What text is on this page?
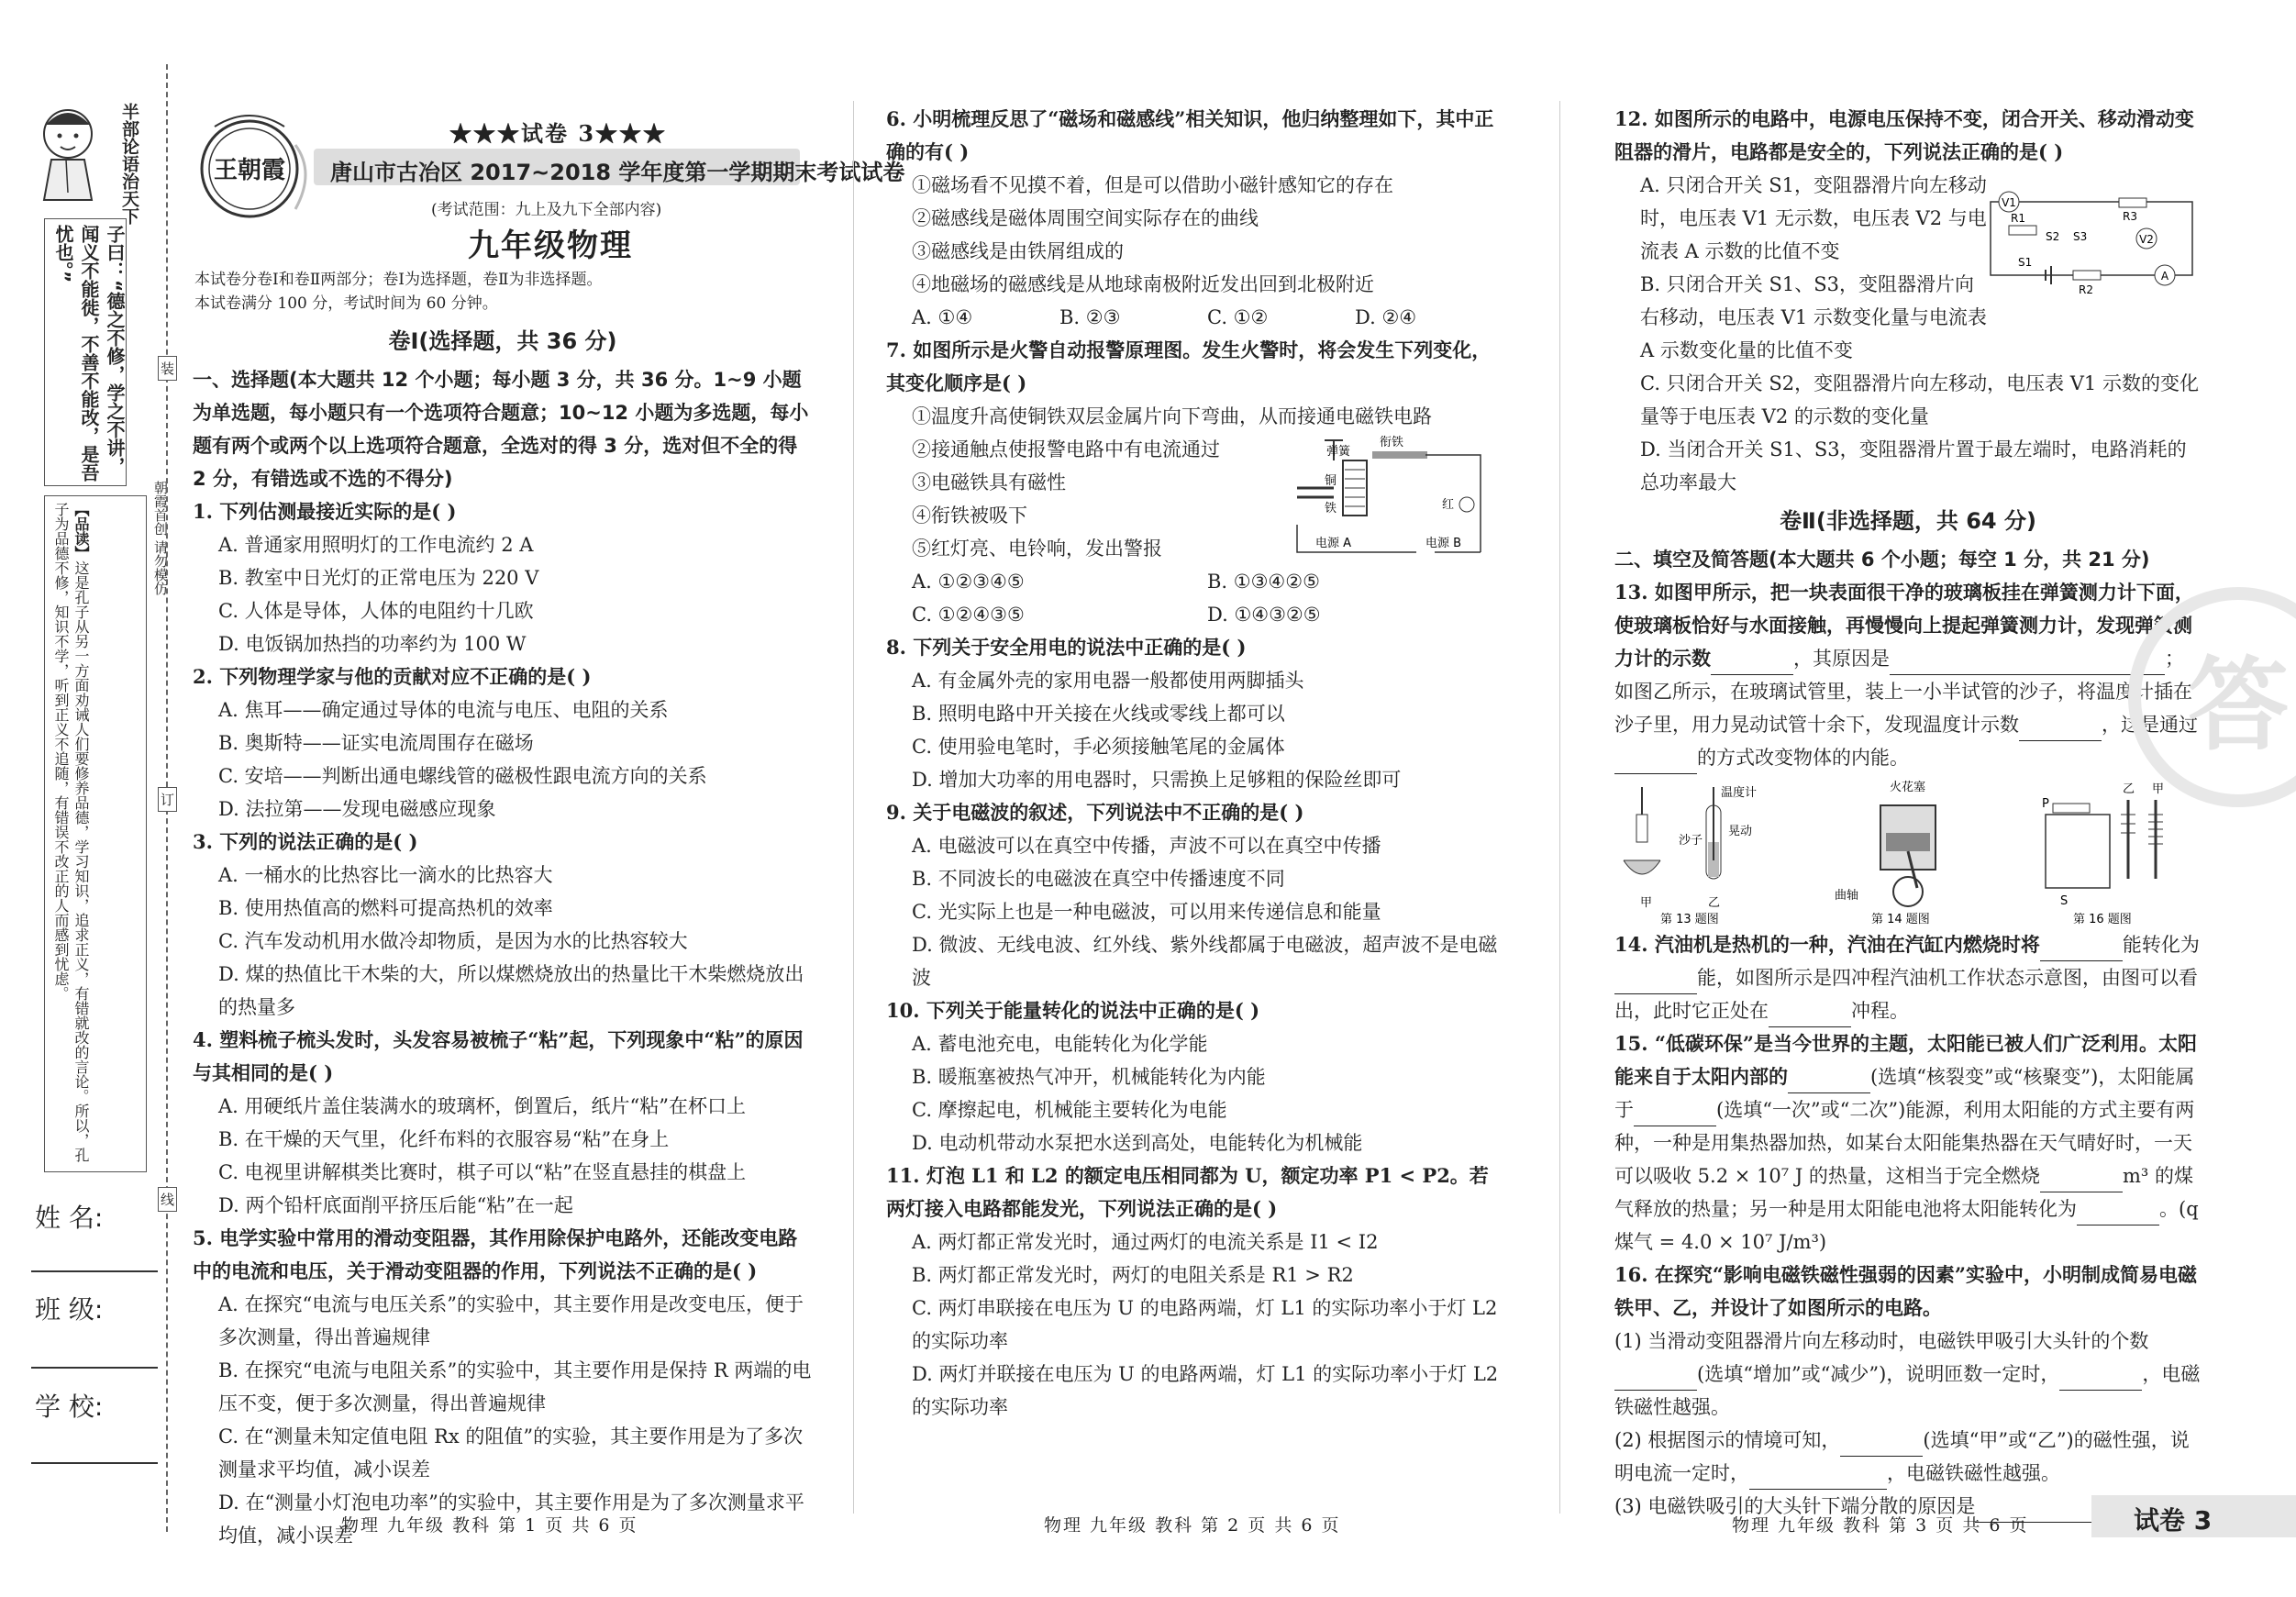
半部论语治天下
子曰：“德之不修，学之不讲，闻义不能徙，不善不能改，是吾忧也。”
【品读】这是孔子从另一方面劝诫人们要修养品德，学习知识，追求正义，有错就改的言论。所以，孔子为品德不修，知识不学，听到正义不追随，有错误不改正的人而感到忧虑。	朝霞首创 请勿模仿
装
订
线
姓 名:
班 级:
学 校:
王朝霞
★★★试卷 3★★★
唐山市古冶区 2017~2018 学年度第一学期期末考试试卷
(考试范围：九上及九下全部内容)
九年级物理
本试卷分卷Ⅰ和卷Ⅱ两部分；卷Ⅰ为选择题，卷Ⅱ为非选择题。
本试卷满分 100 分，考试时间为 60 分钟。
卷Ⅰ(选择题，共 36 分)
一、选择题(本大题共 12 个小题；每小题 3 分，共 36 分。1~9 小题为单选题，每小题只有一个选项符合题意；10~12 小题为多选题，每小题有两个或两个以上选项符合题意，全选对的得 3 分，选对但不全的得 2 分，有错选或不选的不得分)
1. 下列估测最接近实际的是( )
A. 普通家用照明灯的工作电流约 2 A
B. 教室中日光灯的正常电压为 220 V
C. 人体是导体，人体的电阻约十几欧
D. 电饭锅加热挡的功率约为 100 W
2. 下列物理学家与他的贡献对应不正确的是( )
A. 焦耳——确定通过导体的电流与电压、电阻的关系
B. 奥斯特——证实电流周围存在磁场
C. 安培——判断出通电螺线管的磁极性跟电流方向的关系
D. 法拉第——发现电磁感应现象
3. 下列的说法正确的是( )
A. 一桶水的比热容比一滴水的比热容大
B. 使用热值高的燃料可提高热机的效率
C. 汽车发动机用水做冷却物质，是因为水的比热容较大
D. 煤的热值比干木柴的大，所以煤燃烧放出的热量比干木柴燃烧放出的热量多
4. 塑料梳子梳头发时，头发容易被梳子“粘”起，下列现象中“粘”的原因与其相同的是( )
A. 用硬纸片盖住装满水的玻璃杯，倒置后，纸片“粘”在杯口上
B. 在干燥的天气里，化纤布料的衣服容易“粘”在身上
C. 电视里讲解棋类比赛时，棋子可以“粘”在竖直悬挂的棋盘上
D. 两个铅杆底面削平挤压后能“粘”在一起
5. 电学实验中常用的滑动变阻器，其作用除保护电路外，还能改变电路中的电流和电压，关于滑动变阻器的作用，下列说法不正确的是( )
A. 在探究“电流与电压关系”的实验中，其主要作用是改变电压，便于多次测量，得出普遍规律
B. 在探究“电流与电阻关系”的实验中，其主要作用是保持 R 两端的电压不变，便于多次测量，得出普遍规律
C. 在“测量未知定值电阻 Rx 的阻值”的实验，其主要作用是为了多次测量求平均值，减小误差
D. 在“测量小灯泡电功率”的实验中，其主要作用是为了多次测量求平均值，减小误差
6. 小明梳理反思了“磁场和磁感线”相关知识，他归纳整理如下，其中正确的有( )
①磁场看不见摸不着，但是可以借助小磁针感知它的存在
②磁感线是磁体周围空间实际存在的曲线
③磁感线是由铁屑组成的
④地磁场的磁感线是从地球南极附近发出回到北极附近
A. ①④	B. ②③	C. ①②	D. ②④
7. 如图所示是火警自动报警原理图。发生火警时，将会发生下列变化，其变化顺序是( )
①温度升高使铜铁双层金属片向下弯曲，从而接通电磁铁电路
②接通触点使报警电路中有电流通过
③电磁铁具有磁性
④衔铁被吸下
⑤红灯亮、电铃响，发出警报
弹簧
铜
铁
衔铁
红
电源 A	电源 B
A. ①②③④⑤	B. ①③④②⑤
C. ①②④③⑤	D. ①④③②⑤
8. 下列关于安全用电的说法中正确的是( )
A. 有金属外壳的家用电器一般都使用两脚插头
B. 照明电路中开关接在火线或零线上都可以
C. 使用验电笔时，手必须接触笔尾的金属体
D. 增加大功率的用电器时，只需换上足够粗的保险丝即可
9. 关于电磁波的叙述，下列说法中不正确的是( )
A. 电磁波可以在真空中传播，声波不可以在真空中传播
B. 不同波长的电磁波在真空中传播速度不同
C. 光实际上也是一种电磁波，可以用来传递信息和能量
D. 微波、无线电波、红外线、紫外线都属于电磁波，超声波不是电磁波
10. 下列关于能量转化的说法中正确的是( )
A. 蓄电池充电，电能转化为化学能
B. 暖瓶塞被热气冲开，机械能转化为内能
C. 摩擦起电，机械能主要转化为电能
D. 电动机带动水泵把水送到高处，电能转化为机械能
11. 灯泡 L1 和 L2 的额定电压相同都为 U，额定功率 P1 < P2。若两灯接入电路都能发光，下列说法正确的是( )
A. 两灯都正常发光时，通过两灯的电流关系是 I1 < I2
B. 两灯都正常发光时，两灯的电阻关系是 R1 > R2
C. 两灯串联接在电压为 U 的电路两端，灯 L1 的实际功率小于灯 L2 的实际功率
D. 两灯并联接在电压为 U 的电路两端，灯 L1 的实际功率小于灯 L2 的实际功率
12. 如图所示的电路中，电源电压保持不变，闭合开关、移动滑动变阻器的滑片，电路都是安全的，下列说法正确的是( )
A. 只闭合开关 S1，变阻器滑片向左移动时，电压表 V1 无示数，电压表 V2 与电流表 A 示数的比值不变
B. 只闭合开关 S1、S3，变阻器滑片向右移动，电压表 V1 示数变化量与电流表 A 示数变化量的比值不变
V1
R1
S2 S3
R3
V2
S1
R2
A
C. 只闭合开关 S2，变阻器滑片向左移动，电压表 V1 示数的变化量等于电压表 V2 的示数的变化量
D. 当闭合开关 S1、S3，变阻器滑片置于最左端时，电路消耗的总功率最大
卷Ⅱ(非选择题，共 64 分)
二、填空及简答题(本大题共 6 个小题；每空 1 分，共 21 分)
13. 如图甲所示，把一块表面很干净的玻璃板挂在弹簧测力计下面，使玻璃板恰好与水面接触，再慢慢向上提起弹簧测力计，发现弹簧测力计的示数	，其原因是	；如图乙所示，在玻璃试管里，装上一小半试管的沙子，将温度计插在沙子里，用力晃动试管十余下，发现温度计示数	，这是通过的方式改变物体的内能。
甲	乙
沙子
温度计
晃动
第 13 题图
火花塞
曲轴
第 14 题图
P
S
乙 甲
第 16 题图
14. 汽油机是热机的一种，汽油在汽缸内燃烧时将	能转化为能，如图所示是四冲程汽油机工作状态示意图，由图可以看出，此时它正处在	冲程。
15. “低碳环保”是当今世界的主题，太阳能已被人们广泛利用。太阳能来自于太阳内部的	(选填“核裂变”或“核聚变”)，太阳能属于	(选填“一次”或“二次”)能源，利用太阳能的方式主要有两种，一种是用集热器加热，如某台太阳能集热器在天气晴好时，一天可以吸收 5.2 × 10⁷ J 的热量，这相当于完全燃烧	m³ 的煤气释放的热量；另一种是用太阳能电池将太阳能转化为	。(q 煤气 = 4.0 × 10⁷ J/m³)
16. 在探究“影响电磁铁磁性强弱的因素”实验中，小明制成简易电磁铁甲、乙，并设计了如图所示的电路。
(1) 当滑动变阻器滑片向左移动时，电磁铁甲吸引大头针的个数(选填“增加”或“减少”)，说明匝数一定时，	，电磁铁磁性越强。
(2) 根据图示的情境可知，	(选填“甲”或“乙”)的磁性强，说明电流一定时，	，电磁铁磁性越强。
(3) 电磁铁吸引的大头针下端分散的原因是
答
物理 九年级 教科 第 1 页 共 6 页	物理 九年级 教科 第 2 页 共 6 页	物理 九年级 教科 第 3 页 共 6 页	试卷 3
